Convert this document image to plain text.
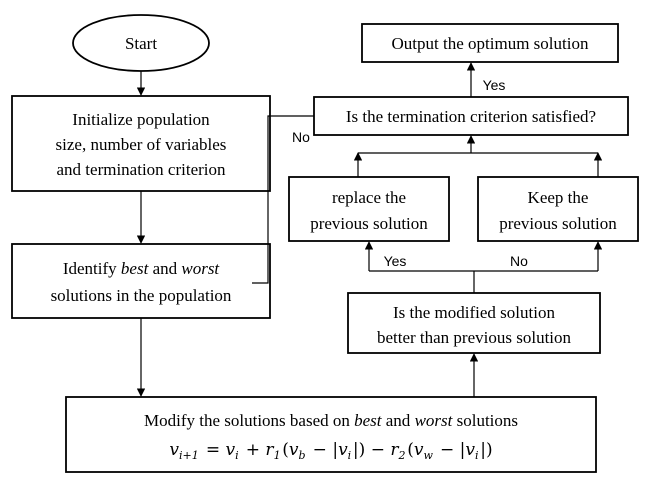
Start
Initialize population
size, number of variables
and termination criterion
Identify best and worst
solutions in the population
Modify the solutions based on best and worst solutions
$v_{i+1}$  = $v_i$  + $r_1$  ($v_b$  − $|v_i$  |) − $r_2$  ($v_w$  − $|v_i$  |)
Is the modified solution
better than previous solution
replace the
previous solution
Keep the
previous solution
Is the termination criterion satisfied?
Output the optimum solution
Yes	No
Yes
No
